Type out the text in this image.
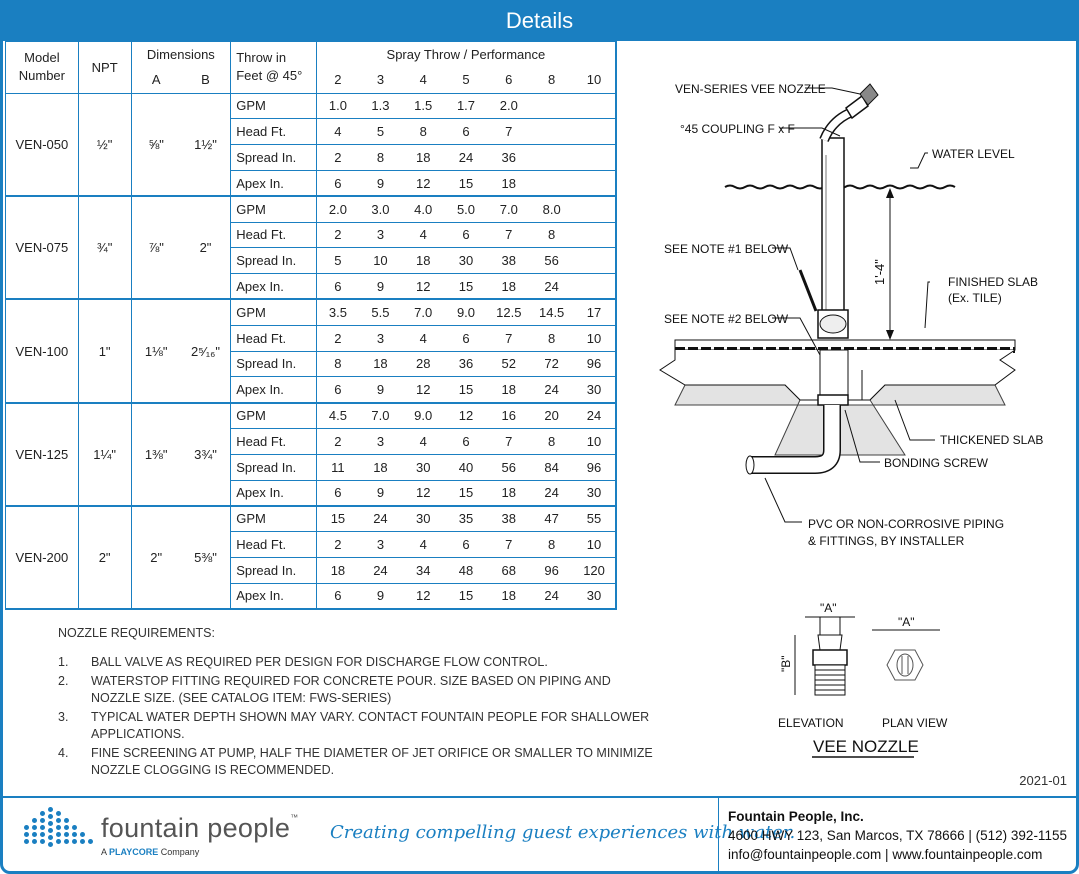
Details
Model
Number	NPT	Dimensions		Throw in
Feet @ 45°	Spray Throw / Performance						
		A	B		2	3	4	5	6	8	10
VEN-050	½"	⅝"	1½"	GPM	1.0	1.3	1.5	1.7	2.0		
				Head Ft.	4	5	8	6	7		
				Spread In.	2	8	18	24	36		
				Apex In.	6	9	12	15	18		
VEN-075	¾"	⅞"	2"	GPM	2.0	3.0	4.0	5.0	7.0	8.0	
				Head Ft.	2	3	4	6	7	8	
				Spread In.	5	10	18	30	38	56	
				Apex In.	6	9	12	15	18	24	
VEN-100	1"	1⅛"	2⁵⁄₁₆"	GPM	3.5	5.5	7.0	9.0	12.5	14.5	17
				Head Ft.	2	3	4	6	7	8	10
				Spread In.	8	18	28	36	52	72	96
				Apex In.	6	9	12	15	18	24	30
VEN-125	1¼"	1⅜"	3¾"	GPM	4.5	7.0	9.0	12	16	20	24
				Head Ft.	2	3	4	6	7	8	10
				Spread In.	11	18	30	40	56	84	96
				Apex In.	6	9	12	15	18	24	30
VEN-200	2"	2"	5⅜"	GPM	15	24	30	35	38	47	55
				Head Ft.	2	3	4	6	7	8	10
				Spread In.	18	24	34	48	68	96	120
				Apex In.	6	9	12	15	18	24	30
NOZZLE REQUIREMENTS:
1.	BALL VALVE AS REQUIRED PER DESIGN FOR DISCHARGE FLOW CONTROL.
2.	WATERSTOP FITTING REQUIRED FOR CONCRETE POUR. SIZE BASED ON PIPING AND NOZZLE SIZE. (SEE CATALOG ITEM: FWS-SERIES)
3.	TYPICAL WATER DEPTH SHOWN MAY VARY. CONTACT FOUNTAIN PEOPLE FOR SHALLOWER APPLICATIONS.
4.	FINE SCREENING AT PUMP, HALF THE DIAMETER OF JET ORIFICE OR SMALLER TO MINIMIZE NOZZLE CLOGGING IS RECOMMENDED.
2021-01
1'-4"
VEN-SERIES VEE NOZZLE
°45 COUPLING F x F
WATER LEVEL
SEE NOTE #1 BELOW
FINISHED SLAB
(Ex. TILE)
SEE NOTE #2 BELOW
THICKENED SLAB
BONDING SCREW
PVC OR NON-CORROSIVE PIPING
& FITTINGS, BY INSTALLER
"A"
"B"
"A"
ELEVATION	PLAN VIEW
VEE NOZZLE
fountain people™
A PLAYCORE Company
Creating compelling guest experiences with water.
Fountain People, Inc.
4600 HWY 123, San Marcos, TX 78666 | (512) 392-1155
info@fountainpeople.com | www.fountainpeople.com
